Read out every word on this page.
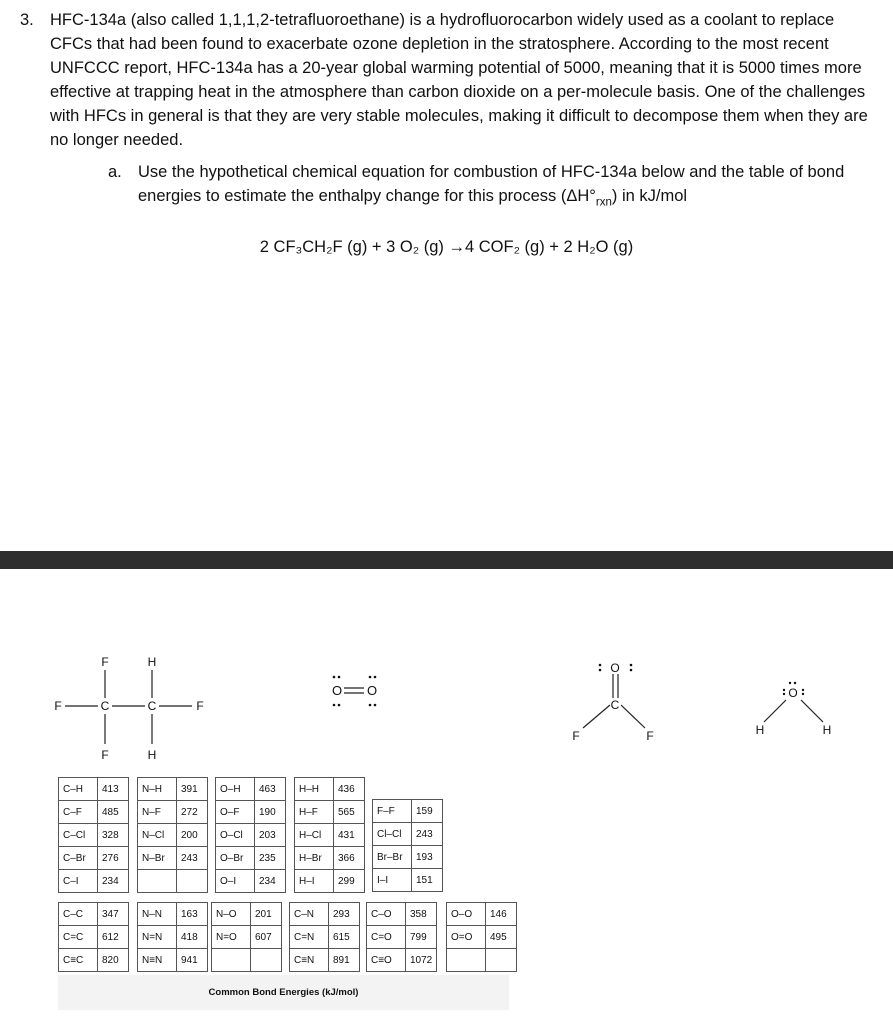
3. HFC-134a (also called 1,1,1,2-tetrafluoroethane) is a hydrofluorocarbon widely used as a coolant to replace CFCs that had been found to exacerbate ozone depletion in the stratosphere. According to the most recent UNFCCC report, HFC-134a has a 20-year global warming potential of 5000, meaning that it is 5000 times more effective at trapping heat in the atmosphere than carbon dioxide on a per-molecule basis. One of the challenges with HFCs in general is that they are very stable molecules, making it difficult to decompose them when they are no longer needed.
a. Use the hypothetical chemical equation for combustion of HFC-134a below and the table of bond energies to estimate the enthalpy change for this process $(\Delta H^\circ_{rxn})$ in kJ/mol
2 CF₃CH₂F (g) + 3 O₂ (g) →4 COF₂ (g) + 2 H₂O (g)
F	H
F	C	C	F
F	H
O O
O
C
F	F
O
H	H
C–H	413
C–F	485
C–Cl	328
C–Br	276
C–I	234
N–H	391
N–F	272
N–Cl	200
N–Br	243

O–H	463
O–F	190
O–Cl	203
O–Br	235
O–I	234
H–H	436
H–F	565
H–Cl	431
H–Br	366
H–I	299
F–F	159
Cl–Cl	243
Br–Br	193
I–I	151
C–C	347
C=C	612
C≡C	820
N–N	163
N=N	418
N≡N	941
N–O	201
N=O	607

C–N	293
C=N	615
C≡N	891
C–O	358
C=O	799
C≡O	1072
O–O	146
O=O	495

Common Bond Energies (kJ/mol)
